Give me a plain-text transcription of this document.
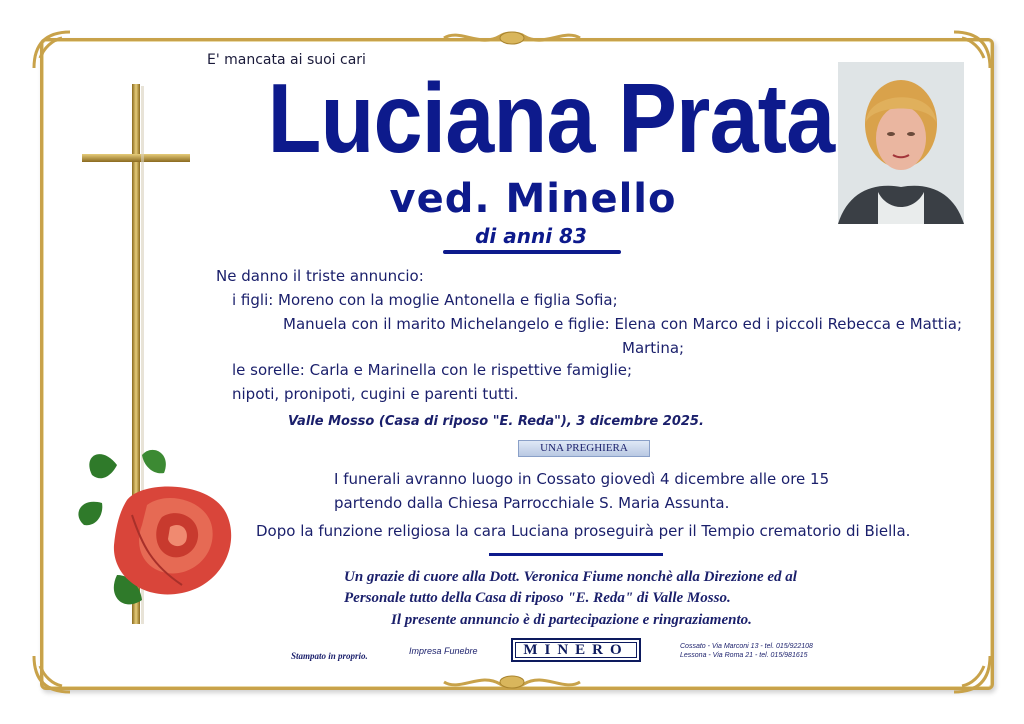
E' mancata ai suoi cari
Luciana Prata
ved. Minello
di anni 83
Ne danno il triste annuncio:
i figli: Moreno con la moglie Antonella e figlia Sofia;
Manuela con il marito Michelangelo e figlie: Elena con Marco ed i piccoli Rebecca e Mattia;
Martina;
le sorelle: Carla e Marinella con le rispettive famiglie;
nipoti, pronipoti, cugini e parenti tutti.
Valle Mosso (Casa di riposo "E. Reda"), 3 dicembre 2025.
UNA PREGHIERA
I funerali avranno luogo in Cossato giovedì 4 dicembre alle ore 15
partendo dalla Chiesa Parrocchiale S. Maria Assunta.
Dopo la funzione religiosa la cara Luciana proseguirà per il Tempio crematorio di Biella.
Un grazie di cuore alla Dott. Veronica Fiume nonchè alla Direzione ed al
Personale tutto della Casa di riposo "E. Reda" di Valle Mosso.
Il presente annuncio è di partecipazione e ringraziamento.
Stampato in proprio.	Impresa Funebre	MINERO	Cossato - Via Marconi 13 - tel. 015/922108
Lessona - Via Roma 21 - tel. 015/981615
